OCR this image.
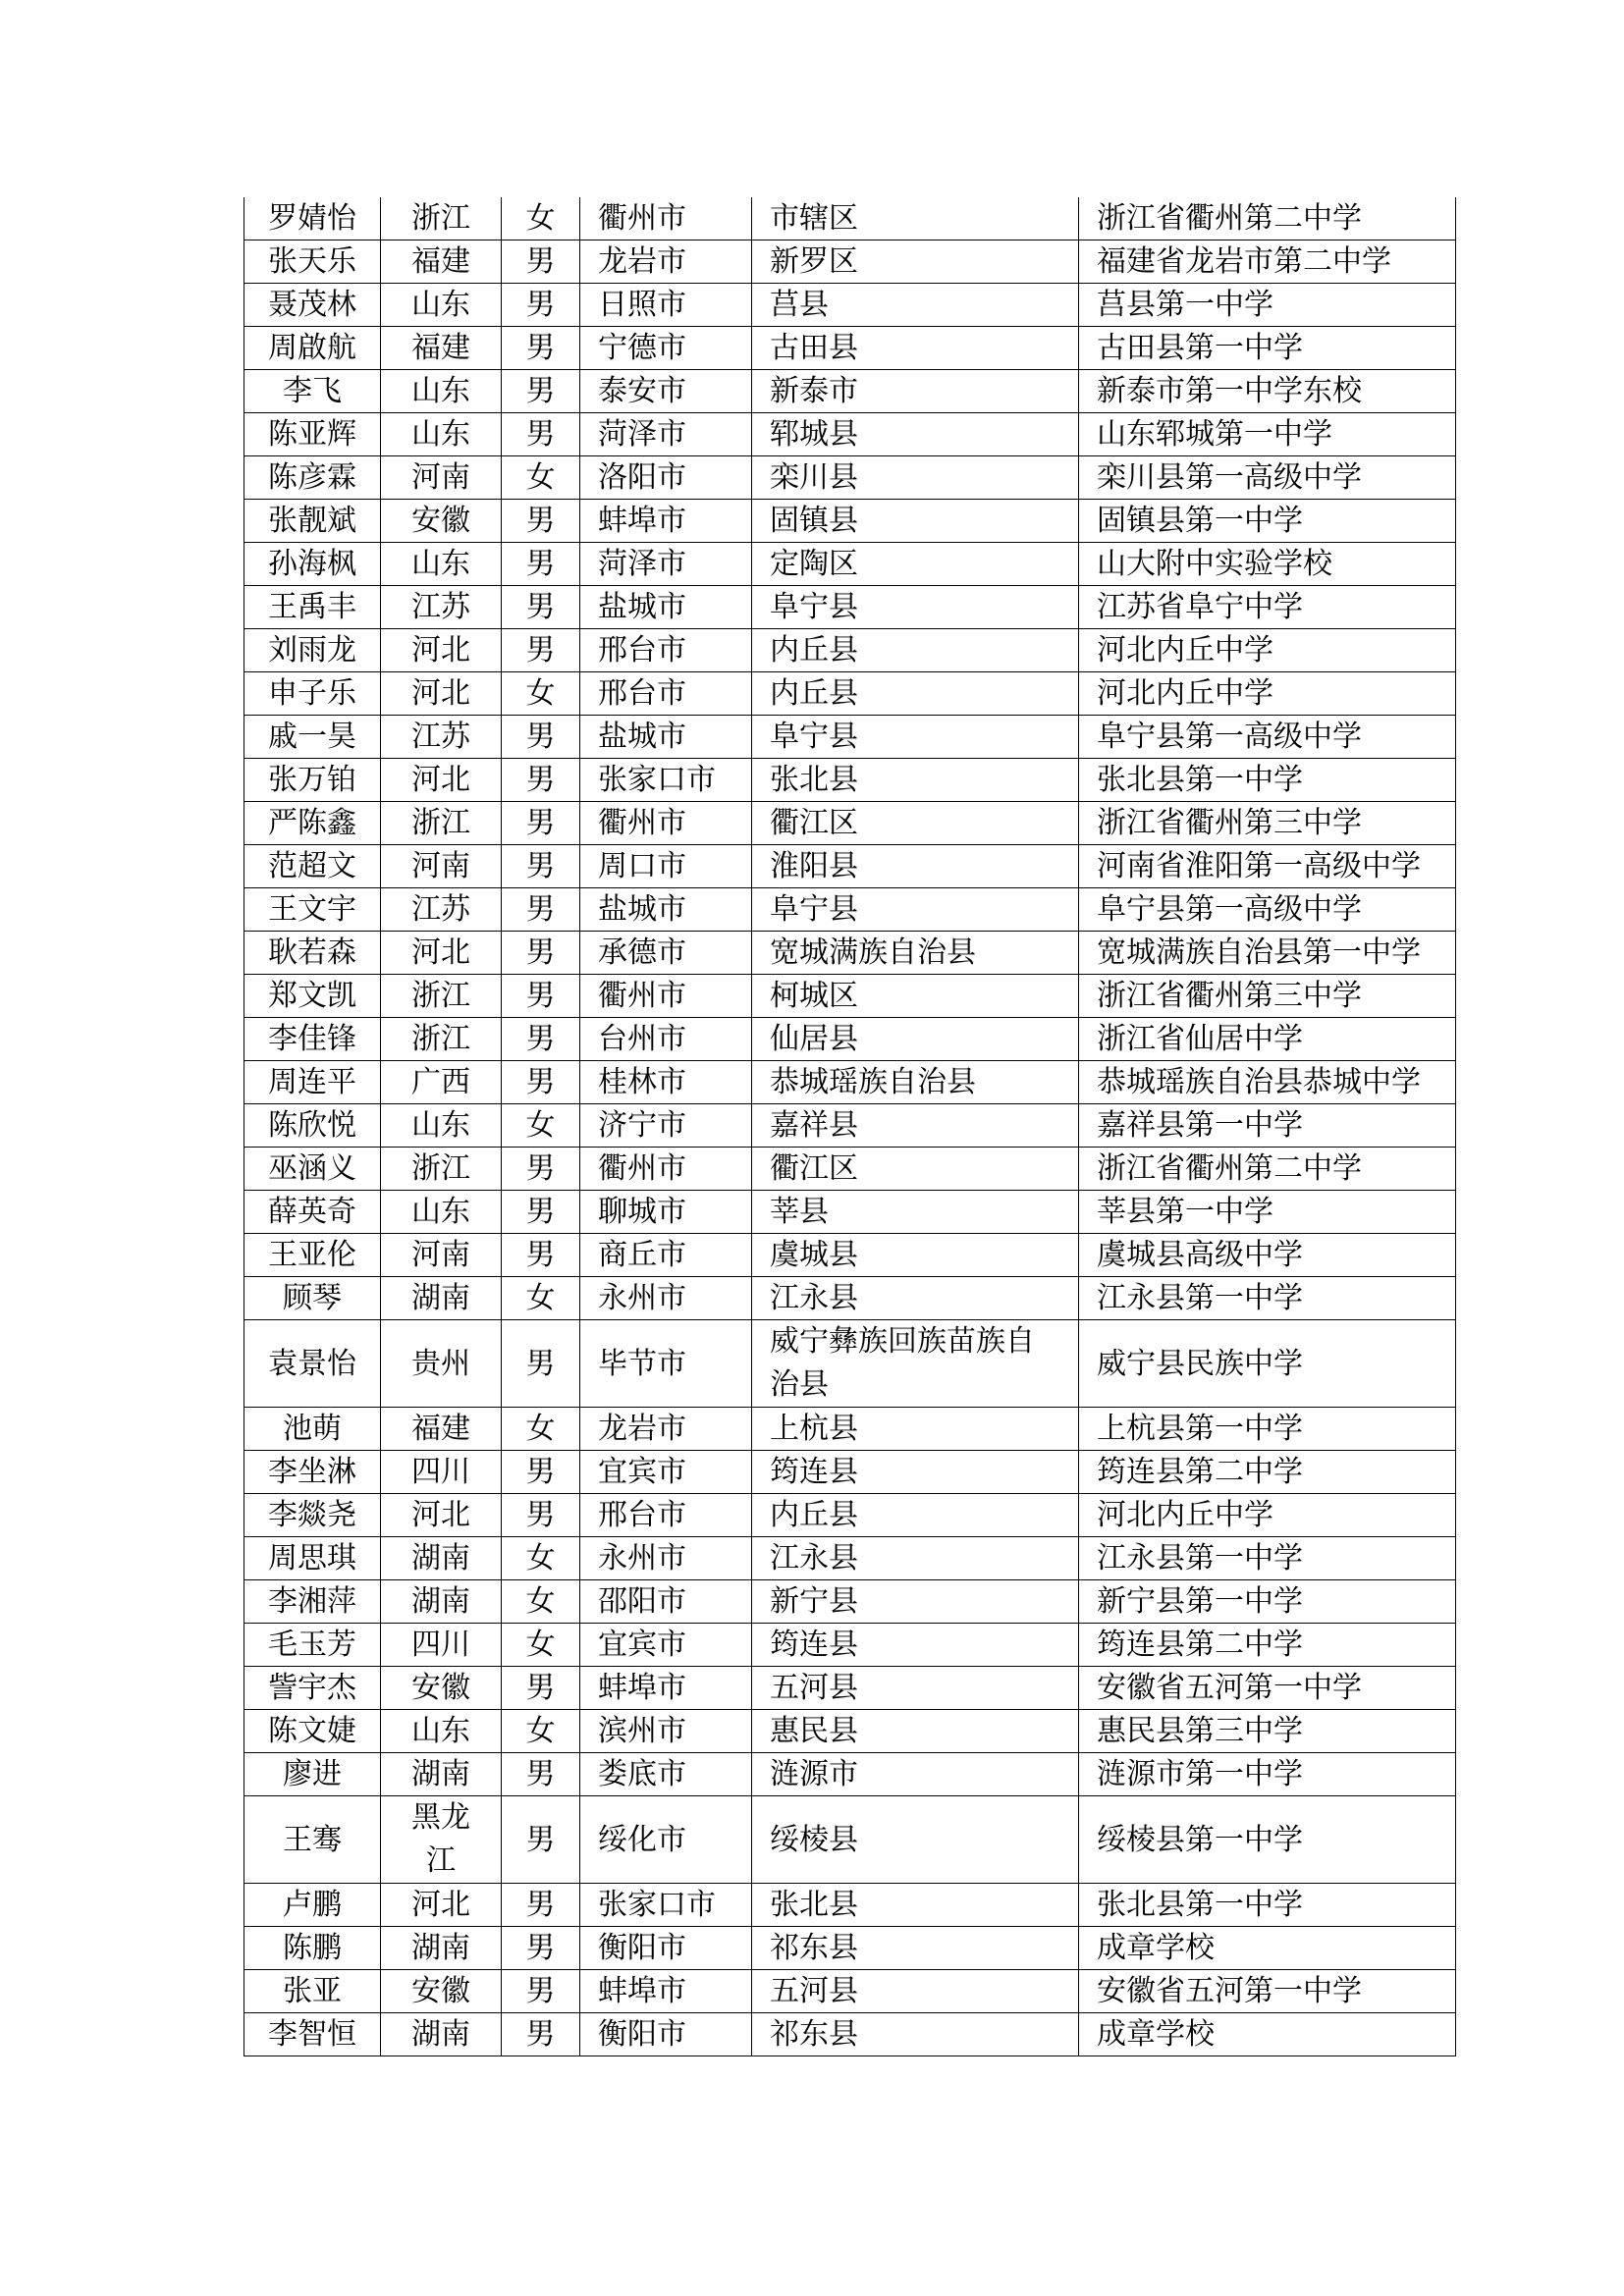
罗婧怡	浙江	女	衢州市	市辖区	浙江省衢州第二中学
张天乐	福建	男	龙岩市	新罗区	福建省龙岩市第二中学
聂茂林	山东	男	日照市	莒县	莒县第一中学
周啟航	福建	男	宁德市	古田县	古田县第一中学
李飞	山东	男	泰安市	新泰市	新泰市第一中学东校
陈亚辉	山东	男	菏泽市	郓城县	山东郓城第一中学
陈彦霖	河南	女	洛阳市	栾川县	栾川县第一高级中学
张靓斌	安徽	男	蚌埠市	固镇县	固镇县第一中学
孙海枫	山东	男	菏泽市	定陶区	山大附中实验学校
王禹丰	江苏	男	盐城市	阜宁县	江苏省阜宁中学
刘雨龙	河北	男	邢台市	内丘县	河北内丘中学
申子乐	河北	女	邢台市	内丘县	河北内丘中学
戚一昊	江苏	男	盐城市	阜宁县	阜宁县第一高级中学
张万铂	河北	男	张家口市	张北县	张北县第一中学
严陈鑫	浙江	男	衢州市	衢江区	浙江省衢州第三中学
范超文	河南	男	周口市	淮阳县	河南省淮阳第一高级中学
王文宇	江苏	男	盐城市	阜宁县	阜宁县第一高级中学
耿若森	河北	男	承德市	宽城满族自治县	宽城满族自治县第一中学
郑文凯	浙江	男	衢州市	柯城区	浙江省衢州第三中学
李佳锋	浙江	男	台州市	仙居县	浙江省仙居中学
周连平	广西	男	桂林市	恭城瑶族自治县	恭城瑶族自治县恭城中学
陈欣悦	山东	女	济宁市	嘉祥县	嘉祥县第一中学
巫涵义	浙江	男	衢州市	衢江区	浙江省衢州第二中学
薛英奇	山东	男	聊城市	莘县	莘县第一中学
王亚伦	河南	男	商丘市	虞城县	虞城县高级中学
顾琴	湖南	女	永州市	江永县	江永县第一中学
袁景怡	贵州	男	毕节市	威宁彝族回族苗族自治县	威宁县民族中学
池萌	福建	女	龙岩市	上杭县	上杭县第一中学
李坐淋	四川	男	宜宾市	筠连县	筠连县第二中学
李燚尧	河北	男	邢台市	内丘县	河北内丘中学
周思琪	湖南	女	永州市	江永县	江永县第一中学
李湘萍	湖南	女	邵阳市	新宁县	新宁县第一中学
毛玉芳	四川	女	宜宾市	筠连县	筠连县第二中学
訾宇杰	安徽	男	蚌埠市	五河县	安徽省五河第一中学
陈文婕	山东	女	滨州市	惠民县	惠民县第三中学
廖进	湖南	男	娄底市	涟源市	涟源市第一中学
王骞	黑龙江	男	绥化市	绥棱县	绥棱县第一中学
卢鹏	河北	男	张家口市	张北县	张北县第一中学
陈鹏	湖南	男	衡阳市	祁东县	成章学校
张亚	安徽	男	蚌埠市	五河县	安徽省五河第一中学
李智恒	湖南	男	衡阳市	祁东县	成章学校
